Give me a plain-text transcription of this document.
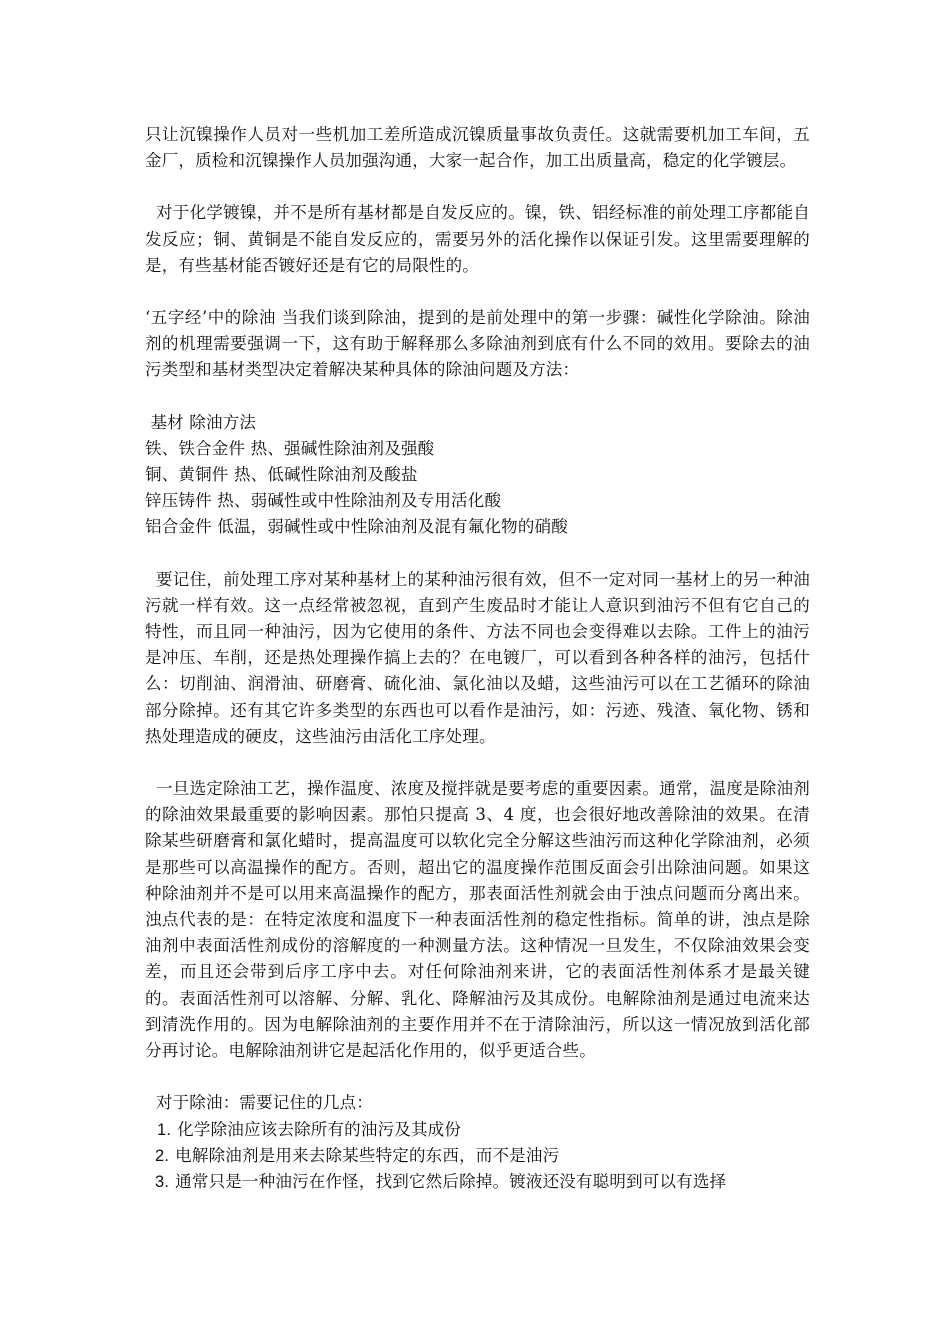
只让沉镍操作人员对一些机加工差所造成沉镍质量事故负责任。这就需要机加工车间，五金厂，质检和沉镍操作人员加强沟通，大家一起合作，加工出质量高，稳定的化学镀层。

对于化学镀镍，并不是所有基材都是自发反应的。镍，铁、铝经标准的前处理工序都能自发反应；铜、黄铜是不能自发反应的，需要另外的活化操作以保证引发。这里需要理解的是，有些基材能否镀好还是有它的局限性的。

‘五字经’中的除油 当我们谈到除油，提到的是前处理中的第一步骤：碱性化学除油。除油剂的机理需要强调一下，这有助于解释那么多除油剂到底有什么不同的效用。要除去的油污类型和基材类型决定着解决某种具体的除油问题及方法：

基材 除油方法

铁、铁合金件 热、强碱性除油剂及强酸

铜、黄铜件 热、低碱性除油剂及酸盐

锌压铸件 热、弱碱性或中性除油剂及专用活化酸

铝合金件 低温，弱碱性或中性除油剂及混有氟化物的硝酸

要记住，前处理工序对某种基材上的某种油污很有效，但不一定对同一基材上的另一种油污就一样有效。这一点经常被忽视，直到产生废品时才能让人意识到油污不但有它自己的特性，而且同一种油污，因为它使用的条件、方法不同也会变得难以去除。工件上的油污是冲压、车削，还是热处理操作搞上去的？在电镀厂，可以看到各种各样的油污，包括什么：切削油、润滑油、研磨膏、硫化油、氯化油以及蜡，这些油污可以在工艺循环的除油部分除掉。还有其它许多类型的东西也可以看作是油污，如：污迹、残渣、氧化物、锈和热处理造成的硬皮，这些油污由活化工序处理。

一旦选定除油工艺，操作温度、浓度及搅拌就是要考虑的重要因素。通常，温度是除油剂的除油效果最重要的影响因素。那怕只提高 3、4 度，也会很好地改善除油的效果。在清除某些研磨膏和氯化蜡时，提高温度可以软化完全分解这些油污而这种化学除油剂，必须是那些可以高温操作的配方。否则，超出它的温度操作范围反面会引出除油问题。如果这种除油剂并不是可以用来高温操作的配方，那表面活性剂就会由于浊点问题而分离出来。浊点代表的是：在特定浓度和温度下一种表面活性剂的稳定性指标。简单的讲，浊点是除油剂中表面活性剂成份的溶解度的一种测量方法。这种情况一旦发生，不仅除油效果会变差，而且还会带到后序工序中去。对任何除油剂来讲，它的表面活性剂体系才是最关键的。表面活性剂可以溶解、分解、乳化、降解油污及其成份。电解除油剂是通过电流来达到清洗作用的。因为电解除油剂的主要作用并不在于清除油污，所以这一情况放到活化部分再讨论。电解除油剂讲它是起活化作用的，似乎更适合些。

对于除油：需要记住的几点：

1. 化学除油应该去除所有的油污及其成份

2. 电解除油剂是用来去除某些特定的东西，而不是油污

3. 通常只是一种油污在作怪，找到它然后除掉。镀液还没有聪明到可以有选择
